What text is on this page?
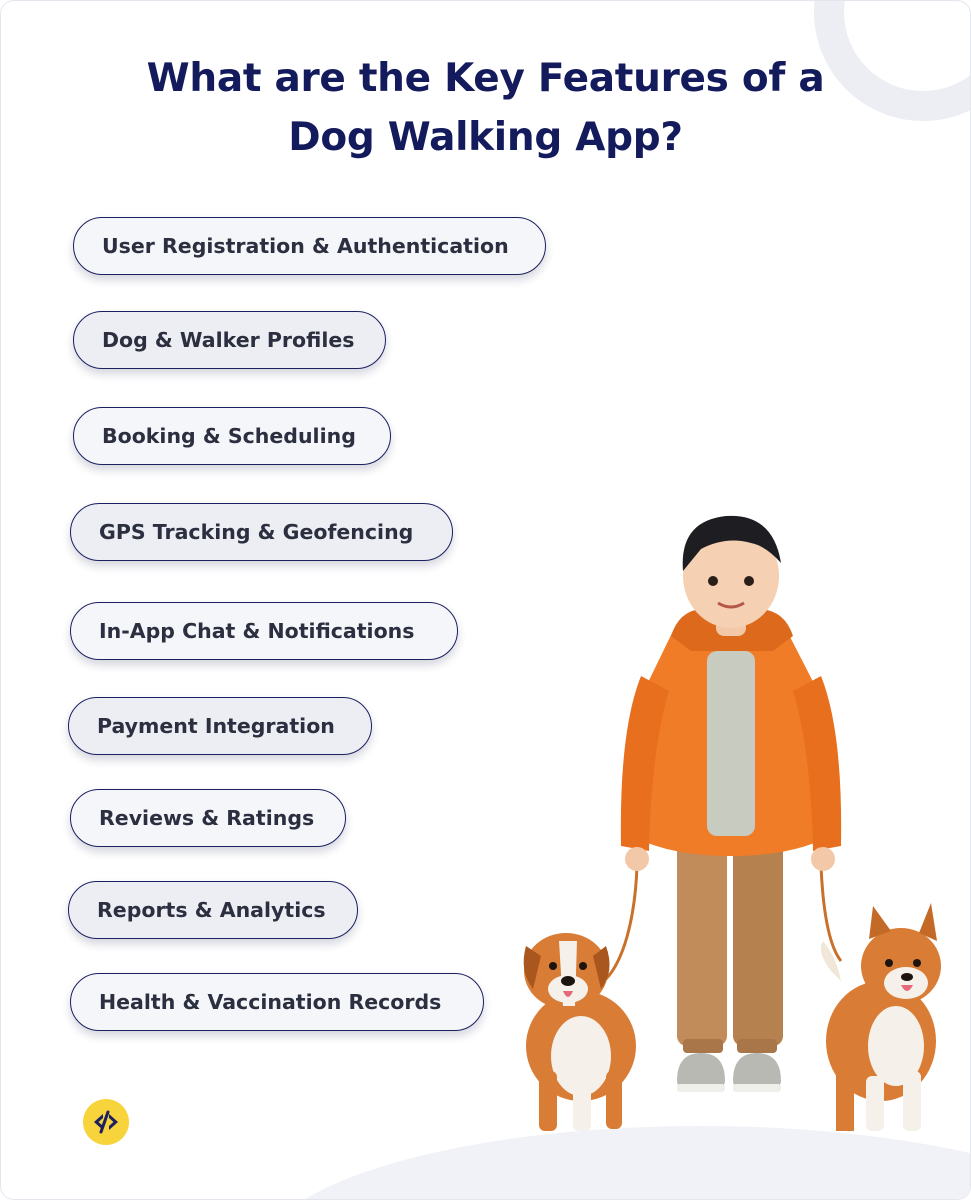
What are the Key Features of a
Dog Walking App?
User Registration & Authentication
Dog & Walker Profiles
Booking & Scheduling
GPS Tracking & Geofencing
In-App Chat & Notifications
Payment Integration
Reviews & Ratings
Reports & Analytics
Health & Vaccination Records
